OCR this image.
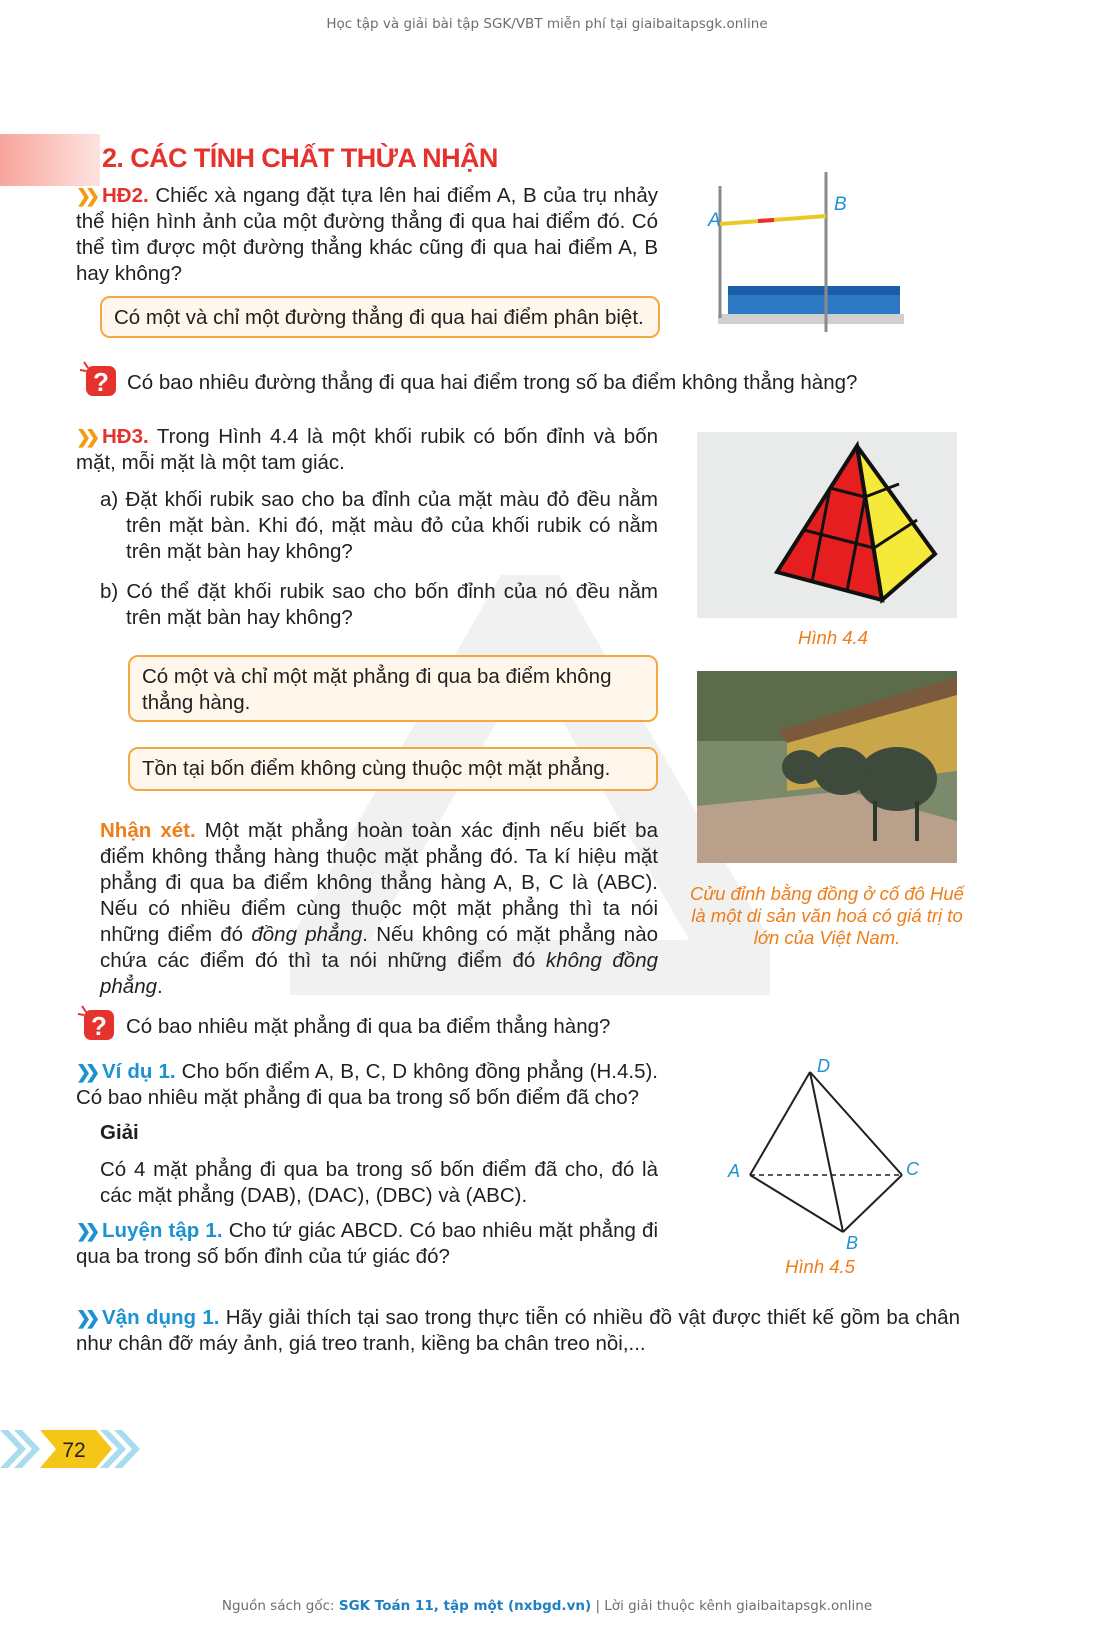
Học tập và giải bài tập SGK/VBT miễn phí tại giaibaitapsgk.online
2. CÁC TÍNH CHẤT THỪA NHẬN
❯❯ HĐ2. Chiếc xà ngang đặt tựa lên hai điểm A, B của trụ nhảy thể hiện hình ảnh của một đường thẳng đi qua hai điểm đó. Có thể tìm được một đường thẳng khác cũng đi qua hai điểm A, B hay không?
Có một và chỉ một đường thẳng đi qua hai điểm phân biệt.
A
B
? Có bao nhiêu đường thẳng đi qua hai điểm trong số ba điểm không thẳng hàng?
❯❯ HĐ3. Trong Hình 4.4 là một khối rubik có bốn đỉnh và bốn mặt, mỗi mặt là một tam giác.
a) Đặt khối rubik sao cho ba đỉnh của mặt màu đỏ đều nằm trên mặt bàn. Khi đó, mặt màu đỏ của khối rubik có nằm trên mặt bàn hay không?
b) Có thể đặt khối rubik sao cho bốn đỉnh của nó đều nằm trên mặt bàn hay không?
Có một và chỉ một mặt phẳng đi qua ba điểm không thẳng hàng.
Tồn tại bốn điểm không cùng thuộc một mặt phẳng.
Hình 4.4
Cửu đỉnh bằng đồng ở cố đô Huế là một di sản văn hoá có giá trị to lớn của Việt Nam.
Nhận xét. Một mặt phẳng hoàn toàn xác định nếu biết ba điểm không thẳng hàng thuộc mặt phẳng đó. Ta kí hiệu mặt phẳng đi qua ba điểm không thẳng hàng A, B, C là (ABC). Nếu có nhiều điểm cùng thuộc một mặt phẳng thì ta nói những điểm đó đồng phẳng. Nếu không có mặt phẳng nào chứa các điểm đó thì ta nói những điểm đó không đồng phẳng.
? Có bao nhiêu mặt phẳng đi qua ba điểm thẳng hàng?
❯❯ Ví dụ 1. Cho bốn điểm A, B, C, D không đồng phẳng (H.4.5). Có bao nhiêu mặt phẳng đi qua ba trong số bốn điểm đã cho?
Giải
Có 4 mặt phẳng đi qua ba trong số bốn điểm đã cho, đó là các mặt phẳng (DAB), (DAC), (DBC) và (ABC).
❯❯ Luyện tập 1. Cho tứ giác ABCD. Có bao nhiêu mặt phẳng đi qua ba trong số bốn đỉnh của tứ giác đó?
D
A	C
B
Hình 4.5
❯❯ Vận dụng 1. Hãy giải thích tại sao trong thực tiễn có nhiều đồ vật được thiết kế gồm ba chân như chân đỡ máy ảnh, giá treo tranh, kiềng ba chân treo nồi,...
72
Nguồn sách gốc: SGK Toán 11, tập một (nxbgd.vn) | Lời giải thuộc kênh giaibaitapsgk.online
